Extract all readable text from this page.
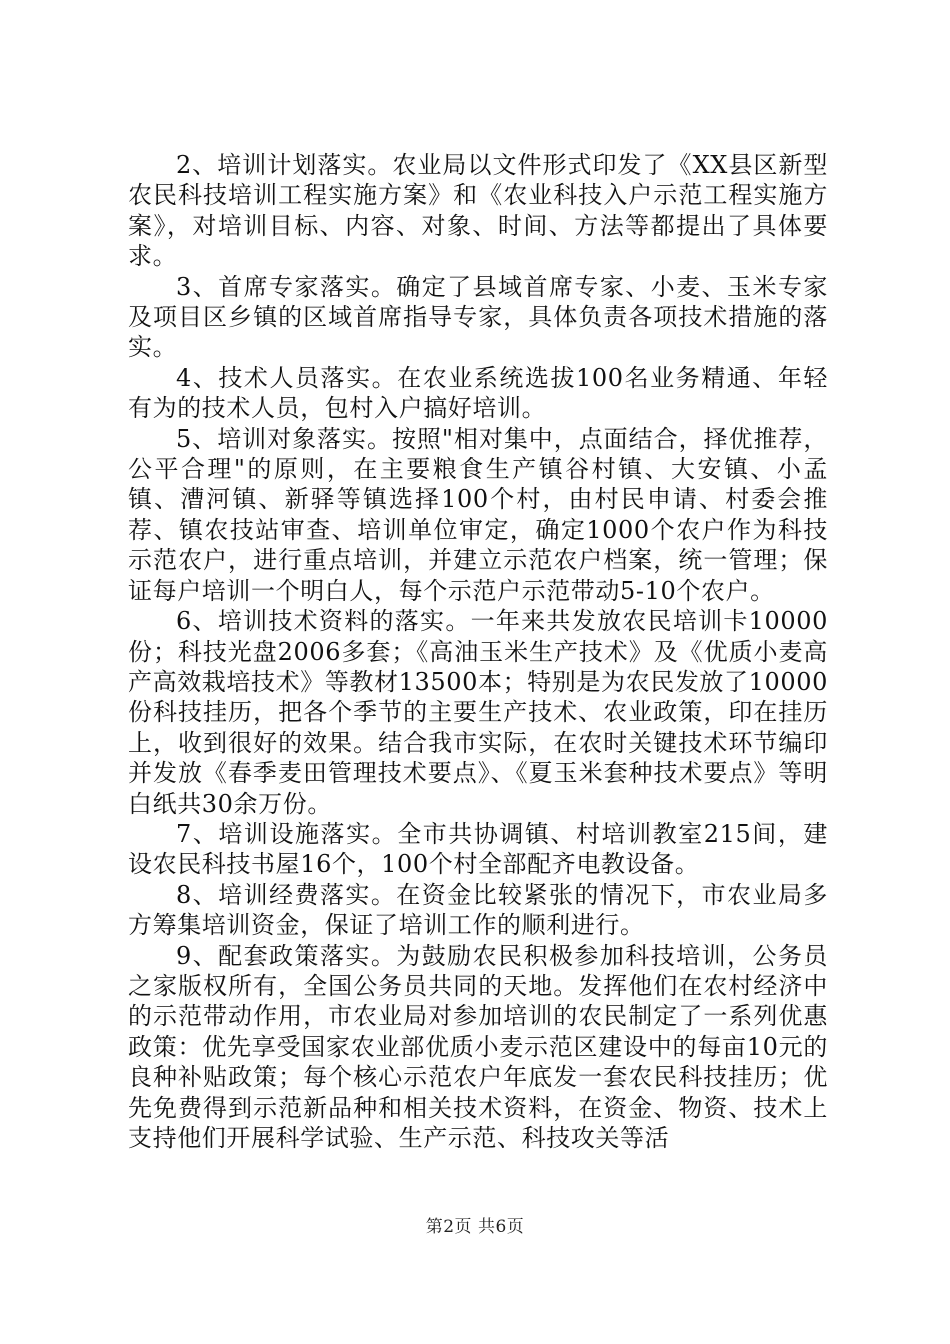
2、培训计划落实。农业局以文件形式印发了《XX县区新型农民科技培训工程实施方案》和《农业科技入户示范工程实施方案》，对培训目标、内容、对象、时间、方法等都提出了具体要求。

3、首席专家落实。确定了县域首席专家、小麦、玉米专家及项目区乡镇的区域首席指导专家，具体负责各项技术措施的落实。

4、技术人员落实。在农业系统选拔100名业务精通、年轻有为的技术人员，包村入户搞好培训。

5、培训对象落实。按照"相对集中，点面结合，择优推荐，公平合理"的原则，在主要粮食生产镇谷村镇、大安镇、小孟镇、漕河镇、新驿等镇选择100个村，由村民申请、村委会推荐、镇农技站审查、培训单位审定，确定1000个农户作为科技示范农户，进行重点培训，并建立示范农户档案，统一管理；保证每户培训一个明白人，每个示范户示范带动5-10个农户。

6、培训技术资料的落实。一年来共发放农民培训卡10000份；科技光盘2006多套；《高油玉米生产技术》及《优质小麦高产高效栽培技术》等教材13500本；特别是为农民发放了10000份科技挂历，把各个季节的主要生产技术、农业政策，印在挂历上，收到很好的效果。结合我市实际，在农时关键技术环节编印并发放《春季麦田管理技术要点》、《夏玉米套种技术要点》等明白纸共30余万份。

7、培训设施落实。全市共协调镇、村培训教室215间，建设农民科技书屋16个，100个村全部配齐电教设备。

8、培训经费落实。在资金比较紧张的情况下，市农业局多方筹集培训资金，保证了培训工作的顺利进行。

9、配套政策落实。为鼓励农民积极参加科技培训，公务员之家版权所有，全国公务员共同的天地。发挥他们在农村经济中的示范带动作用，市农业局对参加培训的农民制定了一系列优惠政策：优先享受国家农业部优质小麦示范区建设中的每亩10元的良种补贴政策；每个核心示范农户年底发一套农民科技挂历；优先免费得到示范新品种和相关技术资料，在资金、物资、技术上支持他们开展科学试验、生产示范、科技攻关等活

第2页 共6页
